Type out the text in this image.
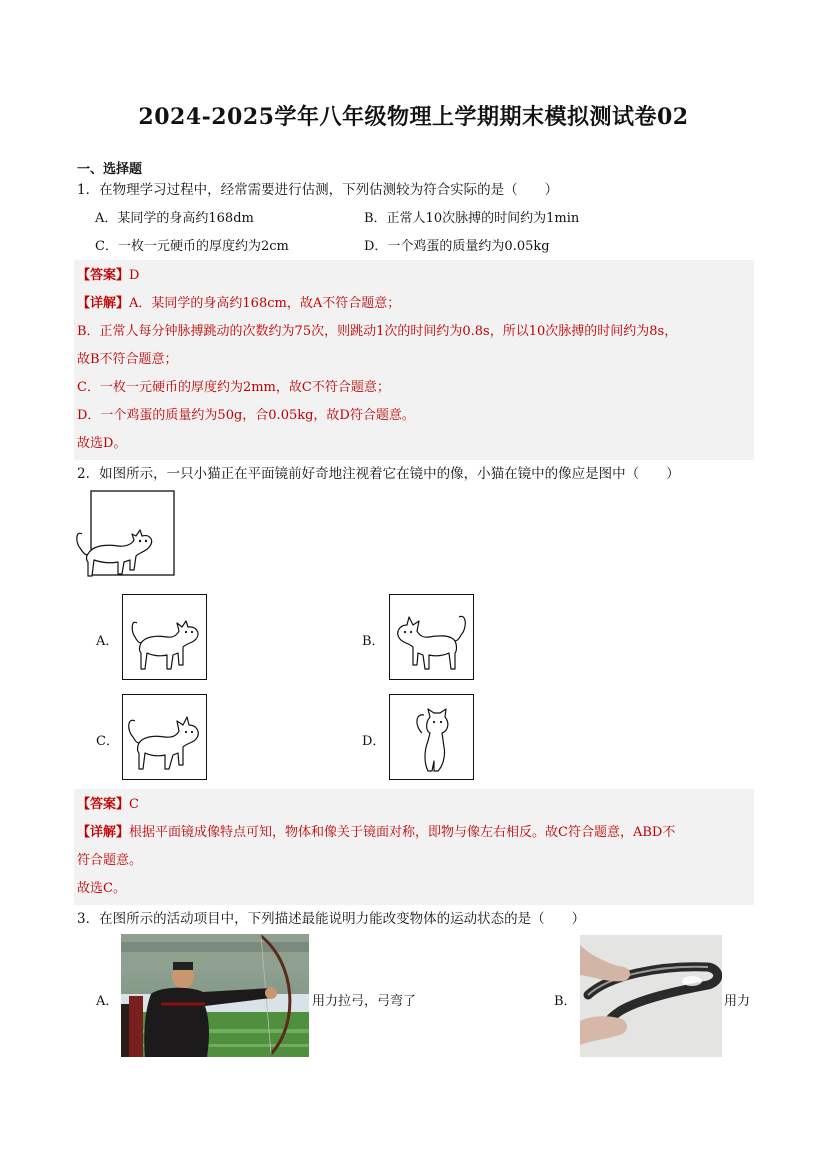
2024-2025学年八年级物理上学期期末模拟测试卷02
一、选择题
1．在物理学习过程中，经常需要进行估测，下列估测较为符合实际的是（　　）
A．某同学的身高约168dm	B．正常人10次脉搏的时间约为1min
C．一枚一元硬币的厚度约为2cm	D．一个鸡蛋的质量约为0.05kg
【答案】D
【详解】A．某同学的身高约168cm，故A不符合题意；
B．正常人每分钟脉搏跳动的次数约为75次，则跳动1次的时间约为0.8s，所以10次脉搏的时间约为8s，
故B不符合题意；
C．一枚一元硬币的厚度约为2mm，故C不符合题意；
D．一个鸡蛋的质量约为50g，合0.05kg，故D符合题意。
故选D。
2．如图所示，一只小猫正在平面镜前好奇地注视着它在镜中的像，小猫在镜中的像应是图中（　　）
A．	B．
C．	D．
【答案】C
【详解】根据平面镜成像特点可知，物体和像关于镜面对称，即物与像左右相反。故C符合题意，ABD不
符合题意。
故选C。
3．在图所示的活动项目中，下列描述最能说明力能改变物体的运动状态的是（　　）
A．	用力拉弓，弓弯了	B．	用力
